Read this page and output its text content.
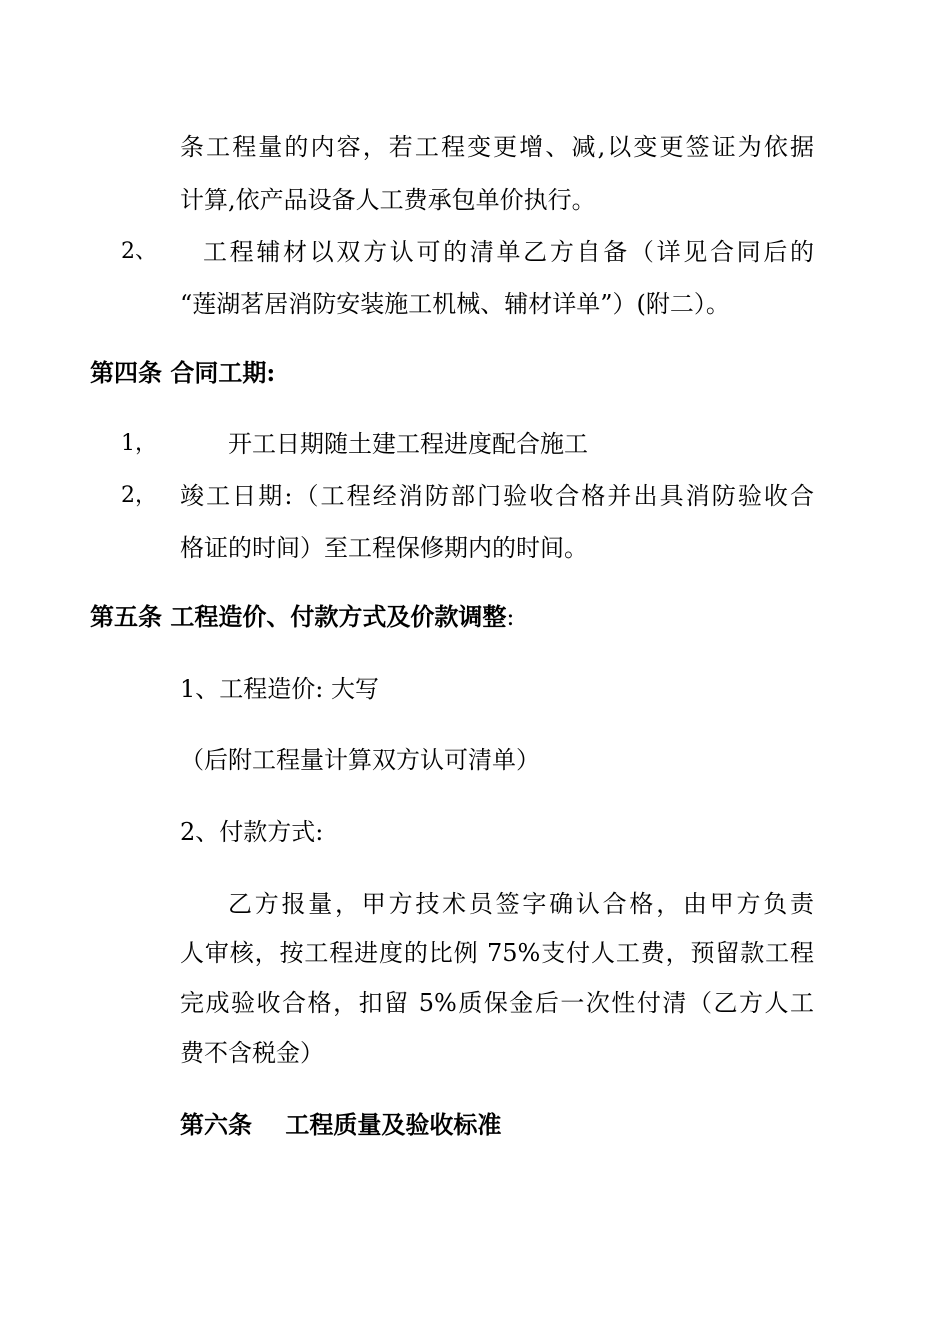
条工程量的内容，若工程变更增、减,以变更签证为依据
计算,依产品设备人工费承包单价执行。
2、 工程辅材以双方认可的清单乙方自备（详见合同后的
“莲湖茗居消防安装施工机械、辅材详单”）(附二）。
第四条 合同工期:
1，	开工日期随土建工程进度配合施工
2， 竣工日期:（工程经消防部门验收合格并出具消防验收合
格证的时间）至工程保修期内的时间。
第五条 工程造价、付款方式及价款调整:
1、工程造价: 大写
（后附工程量计算双方认可清单）
2、付款方式:
乙方报量，甲方技术员签字确认合格，由甲方负责
人审核，按工程进度的比例 75%支付人工费，预留款工程
完成验收合格，扣留 5%质保金后一次性付清（乙方人工
费不含税金）
第六条    工程质量及验收标准
